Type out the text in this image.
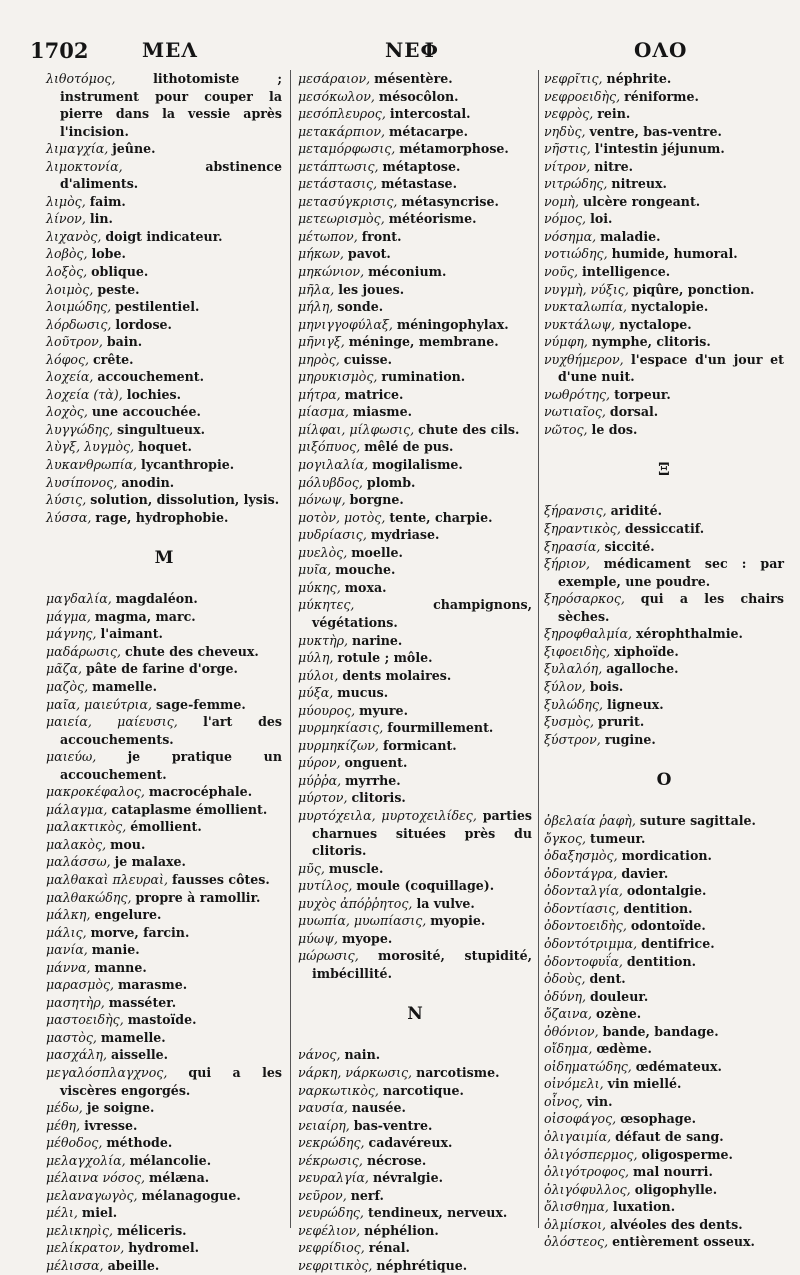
1702	ΜΕΛ	ΝΕΦ	ΟΛΟ
λιθοτόμος, lithotomiste ; instrument pour couper la pierre dans la vessie après l'incision.
λιμαγχία, jeûne.
λιμοκτονία, abstinence d'aliments.
λιμὸς, faim.
λίνον, lin.
λιχανὸς, doigt indicateur.
λοβὸς, lobe.
λοξὸς, oblique.
λοιμὸς, peste.
λοιμώδης, pestilentiel.
λόρδωσις, lordose.
λοῦτρον, bain.
λόφος, crête.
λοχεία, accouchement.
λοχεία (τὰ), lochies.
λοχὸς, une accouchée.
λυγγώδης, singultueux.
λὺγξ, λυγμὸς, hoquet.
λυκανθρωπία, lycanthropie.
λυσίπονος, anodin.
λύσις, solution, dissolution, lysis.
λύσσα, rage, hydrophobie.
M
μαγδαλία, magdaléon.
μάγμα, magma, marc.
μάγνης, l'aimant.
μαδάρωσις, chute des cheveux.
μᾶζα, pâte de farine d'orge.
μαζὸς, mamelle.
μαῖα, μαιεύτρια, sage-femme.
μαιεία, μαίευσις, l'art des accouchements.
μαιεύω, je pratique un accouchement.
μακροκέφαλος, macrocéphale.
μάλαγμα, cataplasme émollient.
μαλακτικὸς, émollient.
μαλακὸς, mou.
μαλάσσω, je malaxe.
μαλθακαὶ πλευραὶ, fausses côtes.
μαλθακώδης, propre à ramollir.
μάλκη, engelure.
μάλις, morve, farcin.
μανία, manie.
μάννα, manne.
μαρασμὸς, marasme.
μασητὴρ, masséter.
μαστοειδὴς, mastoïde.
μαστὸς, mamelle.
μασχάλη, aisselle.
μεγαλόσπλαγχνος, qui a les viscères engorgés.
μέδω, je soigne.
μέθη, ivresse.
μέθοδος, méthode.
μελαγχολία, mélancolie.
μέλαινα νόσος, mélæna.
μελαναγωγὸς, mélanagogue.
μέλι, miel.
μελικηρὶς, méliceris.
μελίκρατον, hydromel.
μέλισσα, abeille.
μεσάραιον, mésentère.
μεσόκωλον, mésocôlon.
μεσόπλευρος, intercostal.
μετακάρπιον, métacarpe.
μεταμόρφωσις, métamorphose.
μετάπτωσις, métaptose.
μετάστασις, métastase.
μετασύγκρισις, métasyncrise.
μετεωρισμὸς, météorisme.
μέτωπον, front.
μήκων, pavot.
μηκώνιον, méconium.
μῆλα, les joues.
μήλη, sonde.
μηνιγγοφύλαξ, méningophylax.
μῆνιγξ, méninge, membrane.
μηρὸς, cuisse.
μηρυκισμὸς, rumination.
μήτρα, matrice.
μίασμα, miasme.
μίλφαι, μίλφωσις, chute des cils.
μιξόπυος, mêlé de pus.
μογιλαλία, mogilalisme.
μόλυβδος, plomb.
μόνωψ, borgne.
μοτὸν, μοτὸς, tente, charpie.
μυδρίασις, mydriase.
μυελὸς, moelle.
μυῖα, mouche.
μύκης, moxa.
μύκητες, champignons, végétations.
μυκτὴρ, narine.
μύλη, rotule ; môle.
μύλοι, dents molaires.
μύξα, mucus.
μύουρος, myure.
μυρμηκίασις, fourmillement.
μυρμηκίζων, formicant.
μύρον, onguent.
μύῤῥα, myrrhe.
μύρτον, clitoris.
μυρτόχειλα, μυρτοχειλίδες, parties charnues situées près du clitoris.
μῦς, muscle.
μυτίλος, moule (coquillage).
μυχὸς ἀπόῤῥητος, la vulve.
μυωπία, μυωπίασις, myopie.
μύωψ, myope.
μώρωσις, morosité, stupidité, imbécillité.
N
νάνος, nain.
νάρκη, νάρκωσις, narcotisme.
ναρκωτικὸς, narcotique.
ναυσία, nausée.
νειαίρη, bas-ventre.
νεκρώδης, cadavéreux.
νέκρωσις, nécrose.
νευραλγία, névralgie.
νεῦρον, nerf.
νευρώδης, tendineux, nerveux.
νεφέλιον, néphélion.
νεφρίδιος, rénal.
νεφριτικὸς, néphrétique.
νεφρῖτις, néphrite.
νεφροειδὴς, réniforme.
νεφρὸς, rein.
νηδὺς, ventre, bas-ventre.
νῆστις, l'intestin jéjunum.
νίτρον, nitre.
νιτρώδης, nitreux.
νομὴ, ulcère rongeant.
νόμος, loi.
νόσημα, maladie.
νοτιώδης, humide, humoral.
νοῦς, intelligence.
νυγμὴ, νύξις, piqûre, ponction.
νυκταλωπία, nyctalopie.
νυκτάλωψ, nyctalope.
νύμφη, nymphe, clitoris.
νυχθήμερον, l'espace d'un jour et d'une nuit.
νωθρότης, torpeur.
νωτιαῖος, dorsal.
νῶτος, le dos.
Ξ
ξήρανσις, aridité.
ξηραντικὸς, dessiccatif.
ξηρασία, siccité.
ξήριον, médicament sec : par exemple, une poudre.
ξηρόσαρκος, qui a les chairs sèches.
ξηροφθαλμία, xérophthalmie.
ξιφοειδὴς, xiphoïde.
ξυλαλόη, agalloche.
ξύλον, bois.
ξυλώδης, ligneux.
ξυσμὸς, prurit.
ξύστρον, rugine.
O
ὀβελαία ῥαφὴ, suture sagittale.
ὄγκος, tumeur.
ὀδαξησμὸς, mordication.
ὀδοντάγρα, davier.
ὀδονταλγία, odontalgie.
ὀδοντίασις, dentition.
ὀδοντοειδὴς, odontoïde.
ὀδοντότριμμα, dentifrice.
ὀδοντοφυΐα, dentition.
ὀδοὺς, dent.
ὀδύνη, douleur.
ὄζαινα, ozène.
ὀθόνιον, bande, bandage.
οἴδημα, œdème.
οἰδηματώδης, œdémateux.
οἰνόμελι, vin miellé.
οἶνος, vin.
οἰσοφάγος, œsophage.
ὀλιγαιμία, défaut de sang.
ὀλιγόσπερμος, oligosperme.
ὀλιγότροφος, mal nourri.
ὀλιγόφυλλος, oligophylle.
ὄλισθημα, luxation.
ὀλμίσκοι, alvéoles des dents.
ὀλόστεος, entièrement osseux.
